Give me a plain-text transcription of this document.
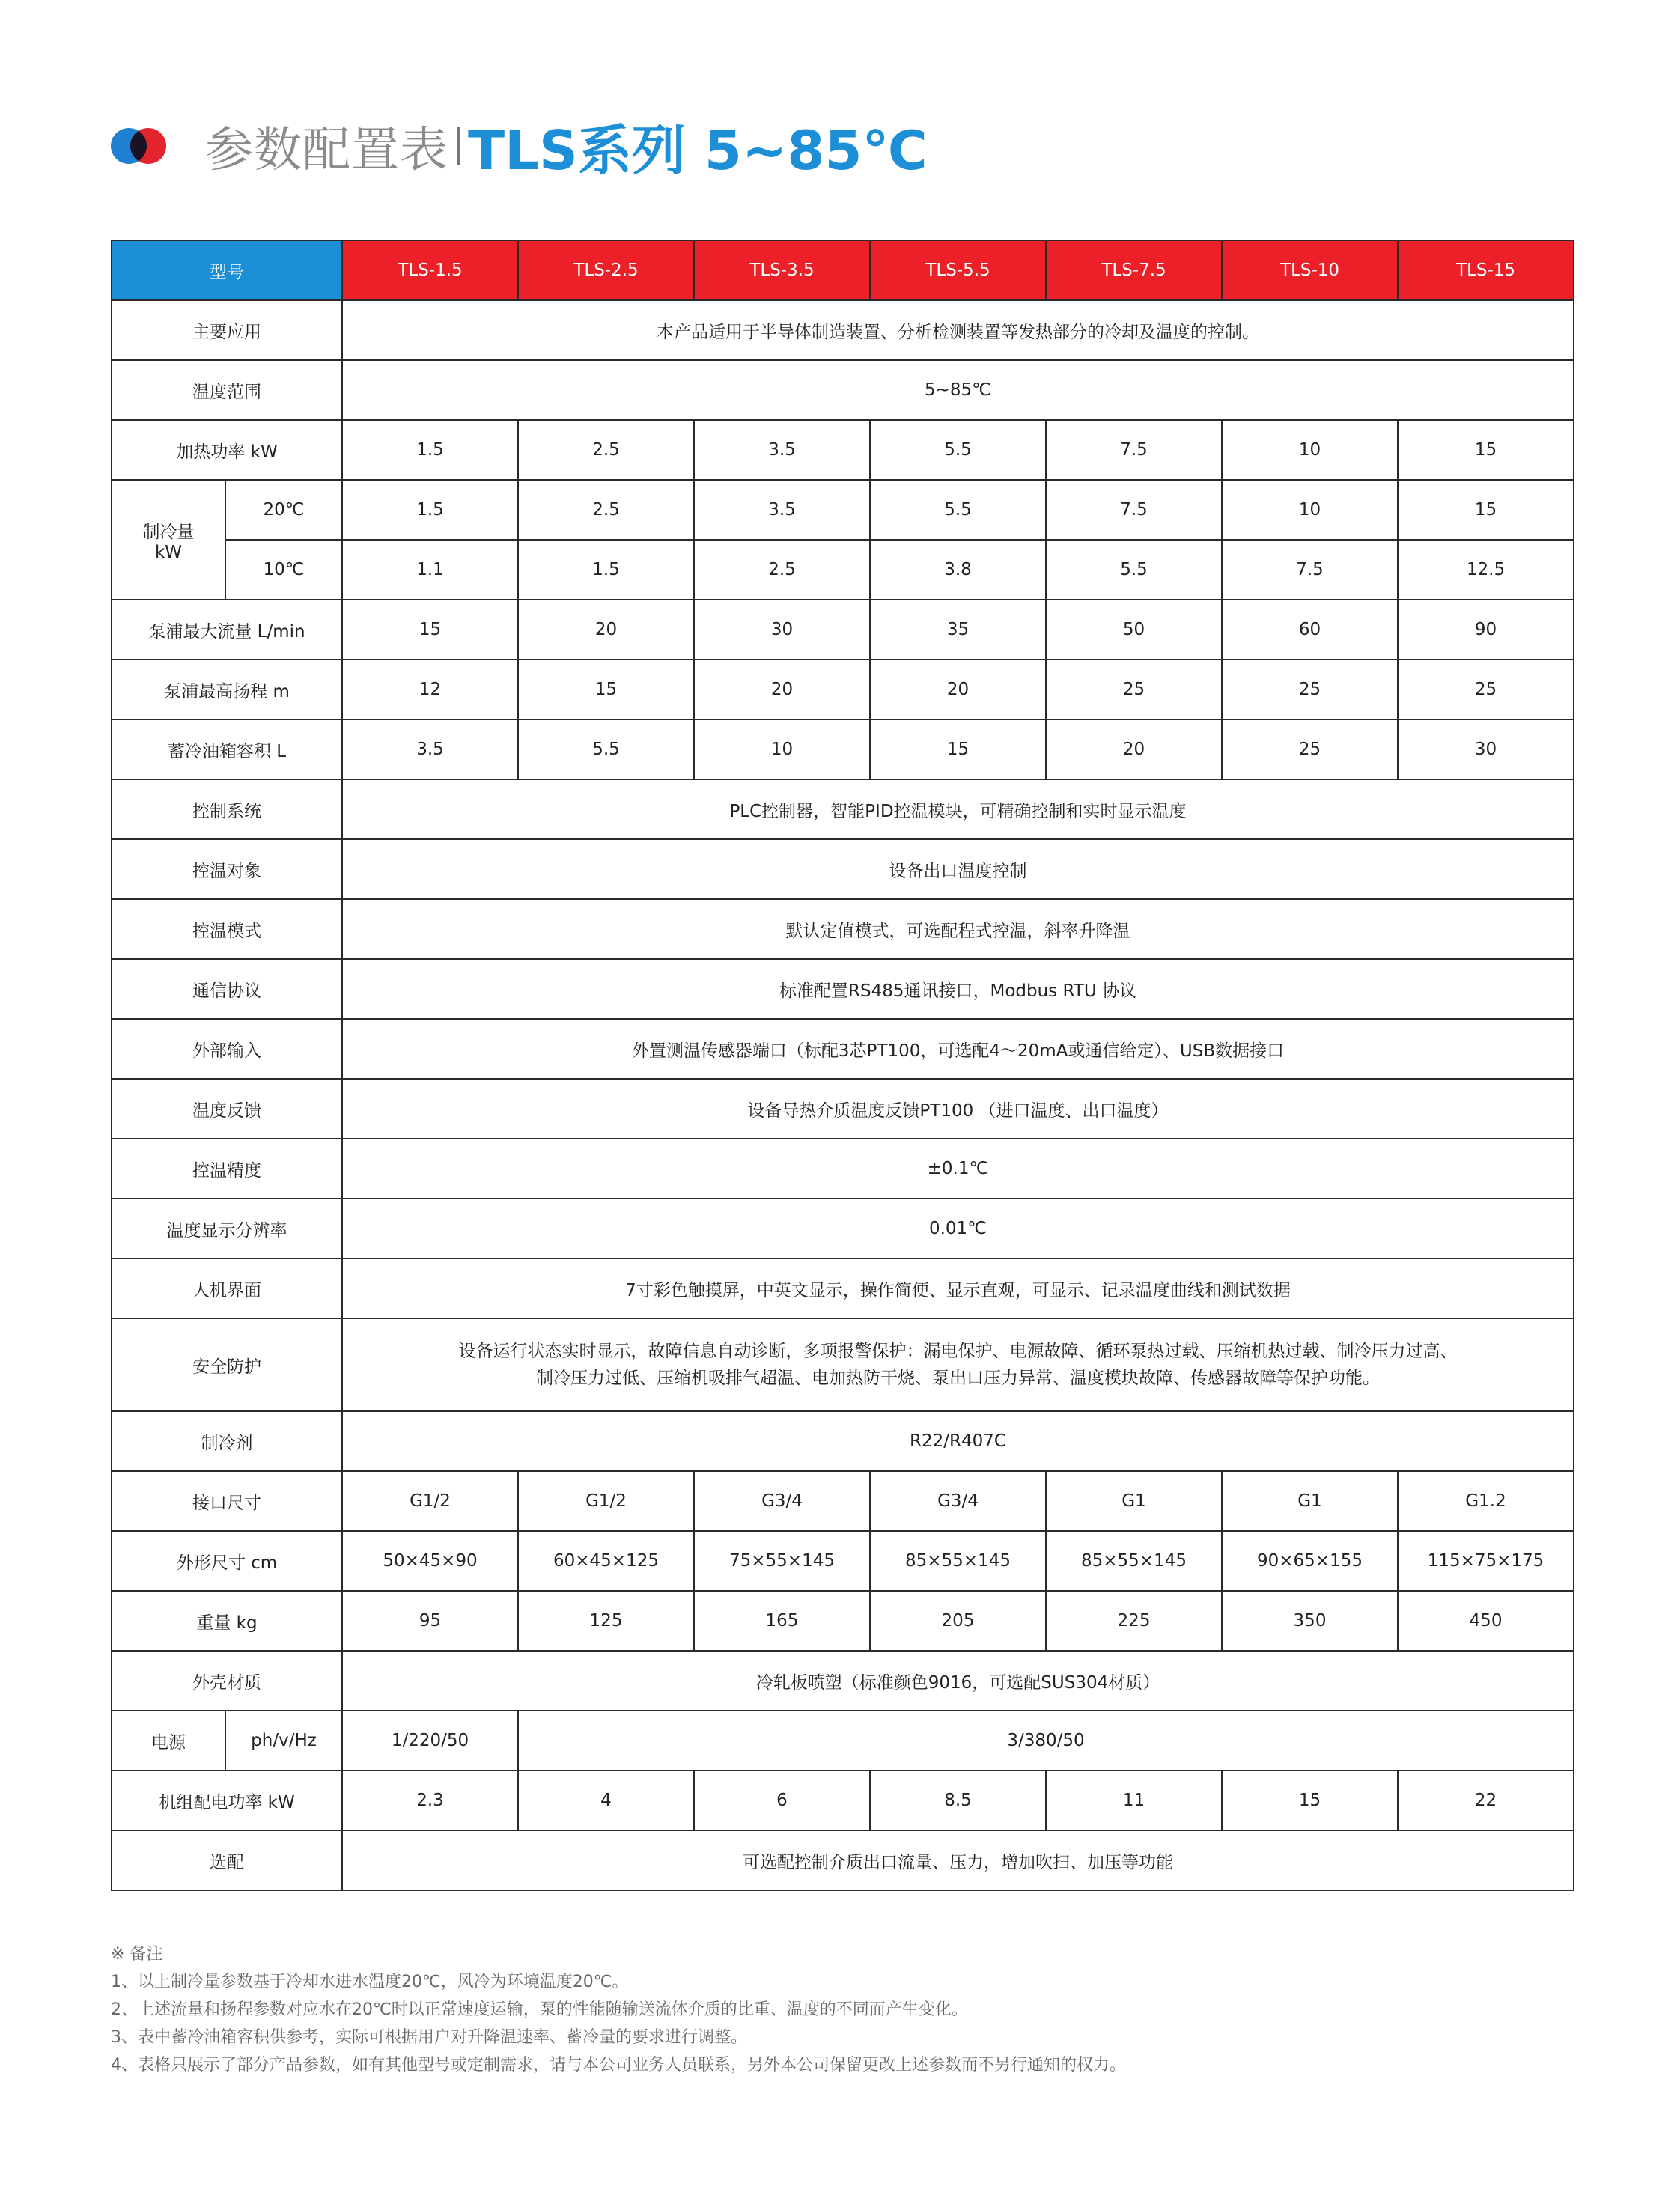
参数配置表 TLS系列 5~85℃
型号		TLS-1.5	TLS-2.5	TLS-3.5	TLS-5.5	TLS-7.5	TLS-10	TLS-15
主要应用		本产品适用于半导体制造装置、分析检测装置等发热部分的冷却及温度的控制。						
温度范围		5~85℃						
加热功率 kW		1.5	2.5	3.5	5.5	7.5	10	15

制冷量
kW	20℃	1.5	2.5	3.5	5.5	7.5	10	15
	10℃	1.1	1.5	2.5	3.8	5.5	7.5	12.5
泵浦最大流量 L/min		15	20	30	35	50	60	90
泵浦最高扬程 m		12	15	20	20	25	25	25
蓄冷油箱容积 L		3.5	5.5	10	15	20	25	30
控制系统		PLC控制器，智能PID控温模块，可精确控制和实时显示温度						
控温对象		设备出口温度控制						
控温模式		默认定值模式，可选配程式控温，斜率升降温						
通信协议		标准配置RS485通讯接口，Modbus RTU 协议						
外部输入		外置测温传感器端口（标配3芯PT100，可选配4～20mA或通信给定）、USB数据接口						
温度反馈		设备导热介质温度反馈PT100 （进口温度、出口温度）						
控温精度		±0.1℃						
温度显示分辨率		0.01℃						
人机界面		7寸彩色触摸屏，中英文显示，操作简便、显示直观，可显示、记录温度曲线和测试数据						
安全防护		设备运行状态实时显示，故障信息自动诊断，多项报警保护：漏电保护、电源故障、循环泵热过载、压缩机热过载、制冷压力过高、
制冷压力过低、压缩机吸排气超温、电加热防干烧、泵出口压力异常、温度模块故障、传感器故障等保护功能。						

制冷剂		R22/R407C						
接口尺寸		G1/2	G1/2	G3/4	G3/4	G1	G1	G1.2
外形尺寸 cm		50×45×90	60×45×125	75×55×145	85×55×145	85×55×145	90×65×155	115×75×175
重量 kg		95	125	165	205	225	350	450
外壳材质		冷轧板喷塑（标准颜色9016，可选配SUS304材质）						
电源	ph/v/Hz	1/220/50	3/380/50					
机组配电功率 kW		2.3	4	6	8.5	11	15	22
选配		可选配控制介质出口流量、压力，增加吹扫、加压等功能						
※ 备注
1、以上制冷量参数基于冷却水进水温度20℃，风冷为环境温度20℃。
2、上述流量和扬程参数对应水在20℃时以正常速度运输，泵的性能随输送流体介质的比重、温度的不同而产生变化。
3、表中蓄冷油箱容积供参考，实际可根据用户对升降温速率、蓄冷量的要求进行调整。
4、表格只展示了部分产品参数，如有其他型号或定制需求，请与本公司业务人员联系，另外本公司保留更改上述参数而不另行通知的权力。
